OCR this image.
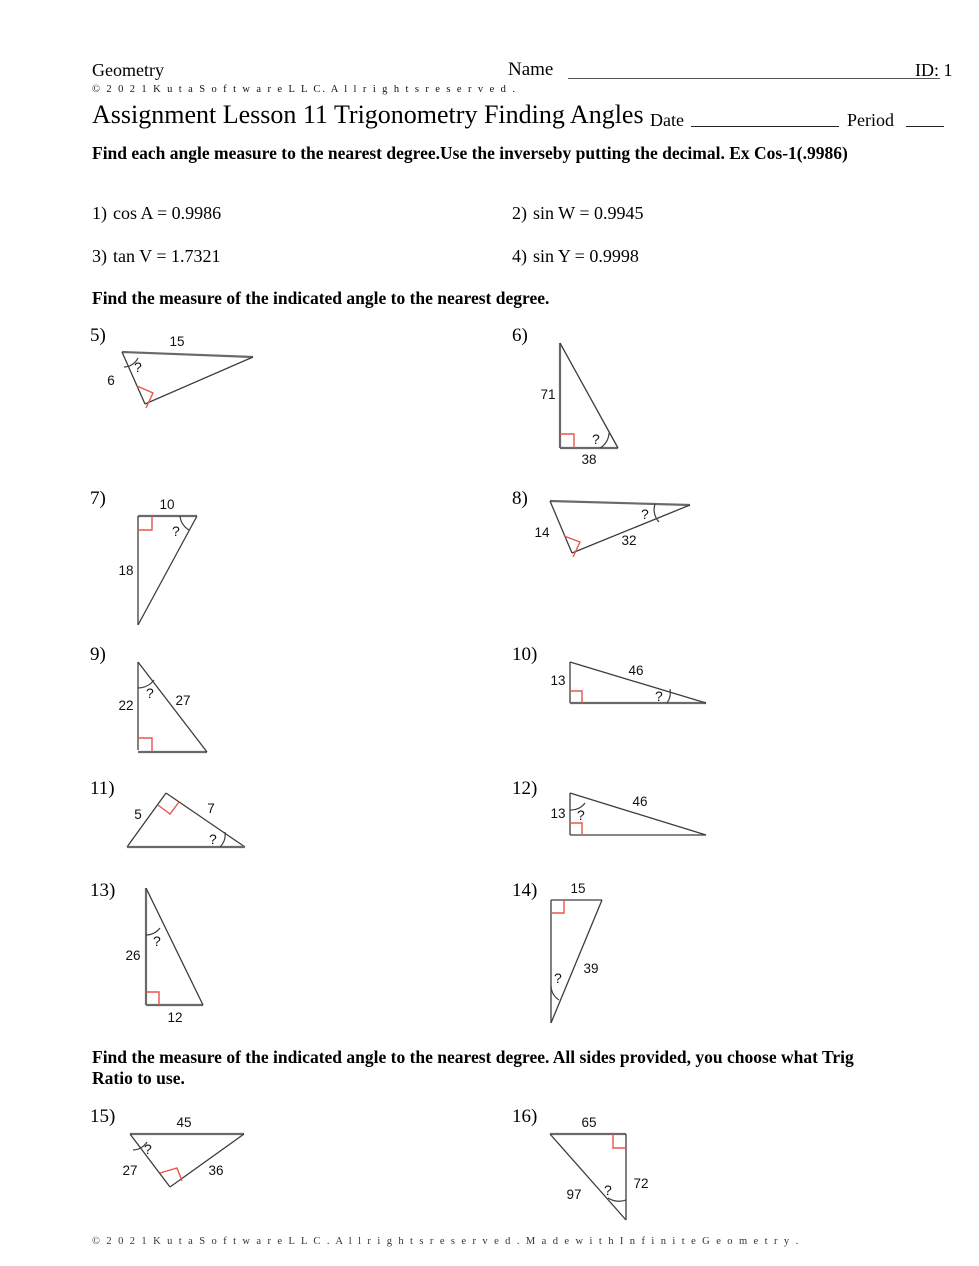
Geometry	Name	ID: 1
© 2 0 2 1 K u t a S o f t w a r e L L C. A l l r i g h t s r e s e r v e d .
Assignment Lesson 11 Trigonometry Finding Angles Date	Period
Find each angle measure to the nearest degree.Use the inverseby putting the decimal. Ex Cos-1(.9986)
1) cos A = 0.9986	2) sin W = 0.9945
3) tan V = 1.7321	4) sin Y = 0.9998
Find the measure of the indicated angle to the nearest degree.
5)	15
6
?
6)
71
38
?
7)	10
18
?
8)
14
32
?
9)
22	27
?
10)
13
46
?
11)
5	7
?
12)
13
46
?
13)
26
12
?
14) 15
39
?
Find the measure of the indicated angle to the nearest degree. All sides provided, you choose what Trig Ratio to use.
15)	45
27	36
?
16)	65
72
97 ?
© 2 0 2 1 K u t a S o f t w a r e L L C . A l l r i g h t s r e s e r v e d . M a d e w i t h I n f i n i t e G e o m e t r y .
